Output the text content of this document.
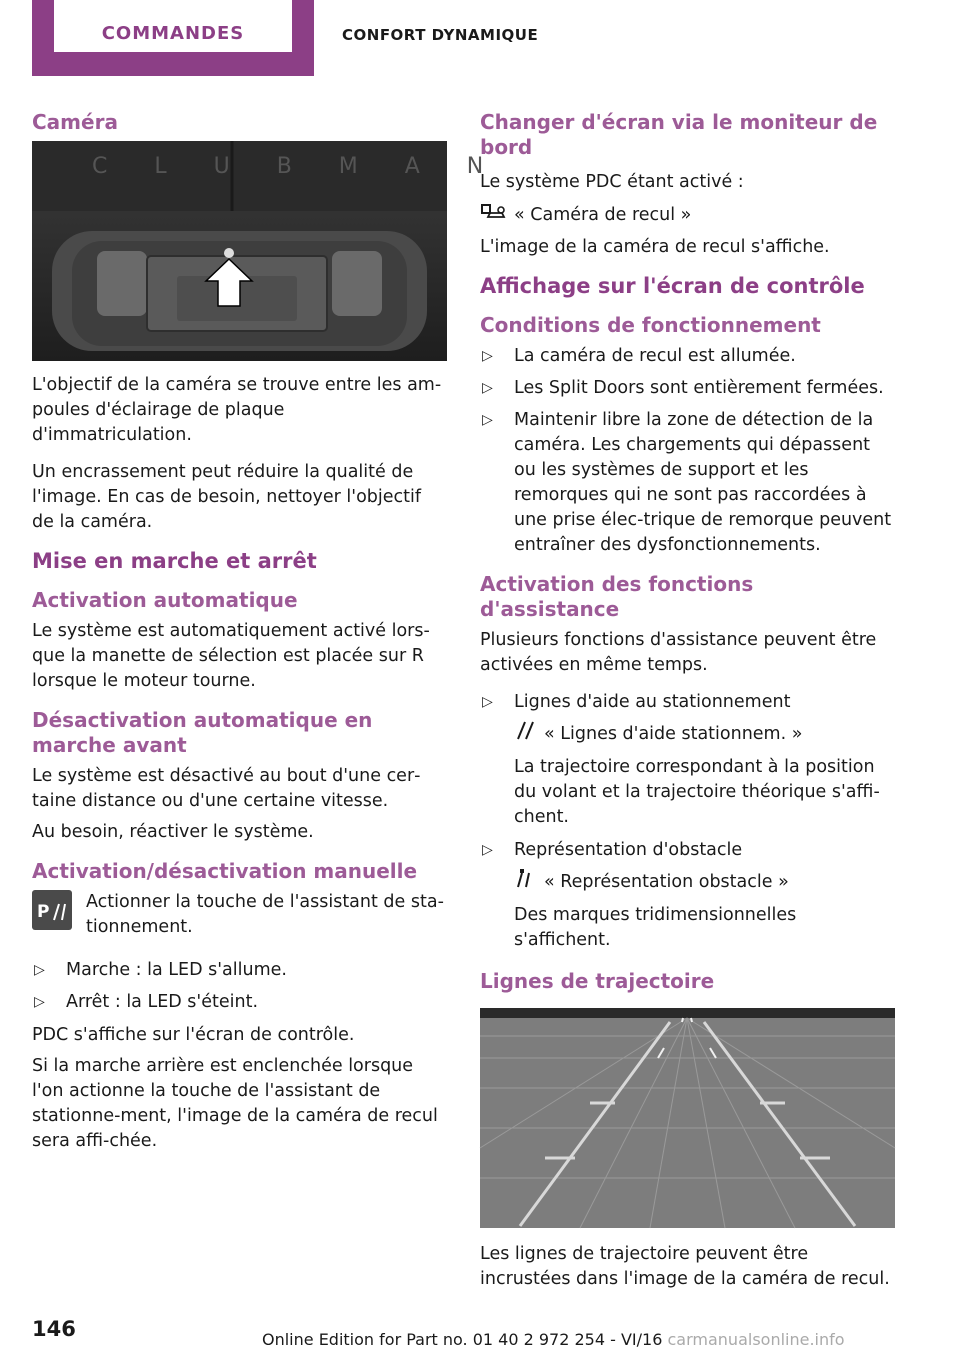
COMMANDES	CONFORT DYNAMIQUE
Caméra
C L U B M A N

L'objectif de la caméra se trouve entre les am‐poules d'éclairage de plaque d'immatriculation.

Un encrassement peut réduire la qualité de l'image. En cas de besoin, nettoyer l'objectif de la caméra.

Mise en marche et arrêt
Activation automatique

Le système est automatiquement activé lors‐que la manette de sélection est placée sur R lorsque le moteur tourne.

Désactivation automatique en marche avant

Le système est désactivé au bout d'une cer‐taine distance ou d'une certaine vitesse.

Au besoin, réactiver le système.

Activation/désactivation manuelle
P Actionner la touche de l'assistant de sta‐tionnement.

▷ Marche : la LED s'allume.
▷ Arrêt : la LED s'éteint.

PDC s'affiche sur l'écran de contrôle.

Si la marche arrière est enclenchée lorsque l'on actionne la touche de l'assistant de stationne‐ment, l'image de la caméra de recul sera affi‐chée.

Changer d'écran via le moniteur de bord

Le système PDC étant activé :

« Caméra de recul »

L'image de la caméra de recul s'affiche.

Affichage sur l'écran de contrôle
Conditions de fonctionnement
▷ La caméra de recul est allumée.
▷ Les Split Doors sont entièrement fermées.
▷ Maintenir libre la zone de détection de la caméra. Les chargements qui dépassent ou les systèmes de support et les remorques qui ne sont pas raccordées à une prise élec‐trique de remorque peuvent entraîner des dysfonctionnements.
Activation des fonctions d'assistance

Plusieurs fonctions d'assistance peuvent être activées en même temps.

▷ Lignes d'aide au stationnement
« Lignes d'aide stationnem. »
La trajectoire correspondant à la position du volant et la trajectoire théorique s'affi‐chent.
▷ Représentation d'obstacle
« Représentation obstacle »
Des marques tridimensionnelles s'affichent.
Lignes de trajectoire

Les lignes de trajectoire peuvent être incrustées dans l'image de la caméra de recul.

146	Online Edition for Part no. 01 40 2 972 254 - VI/16 carmanualsonline.info
